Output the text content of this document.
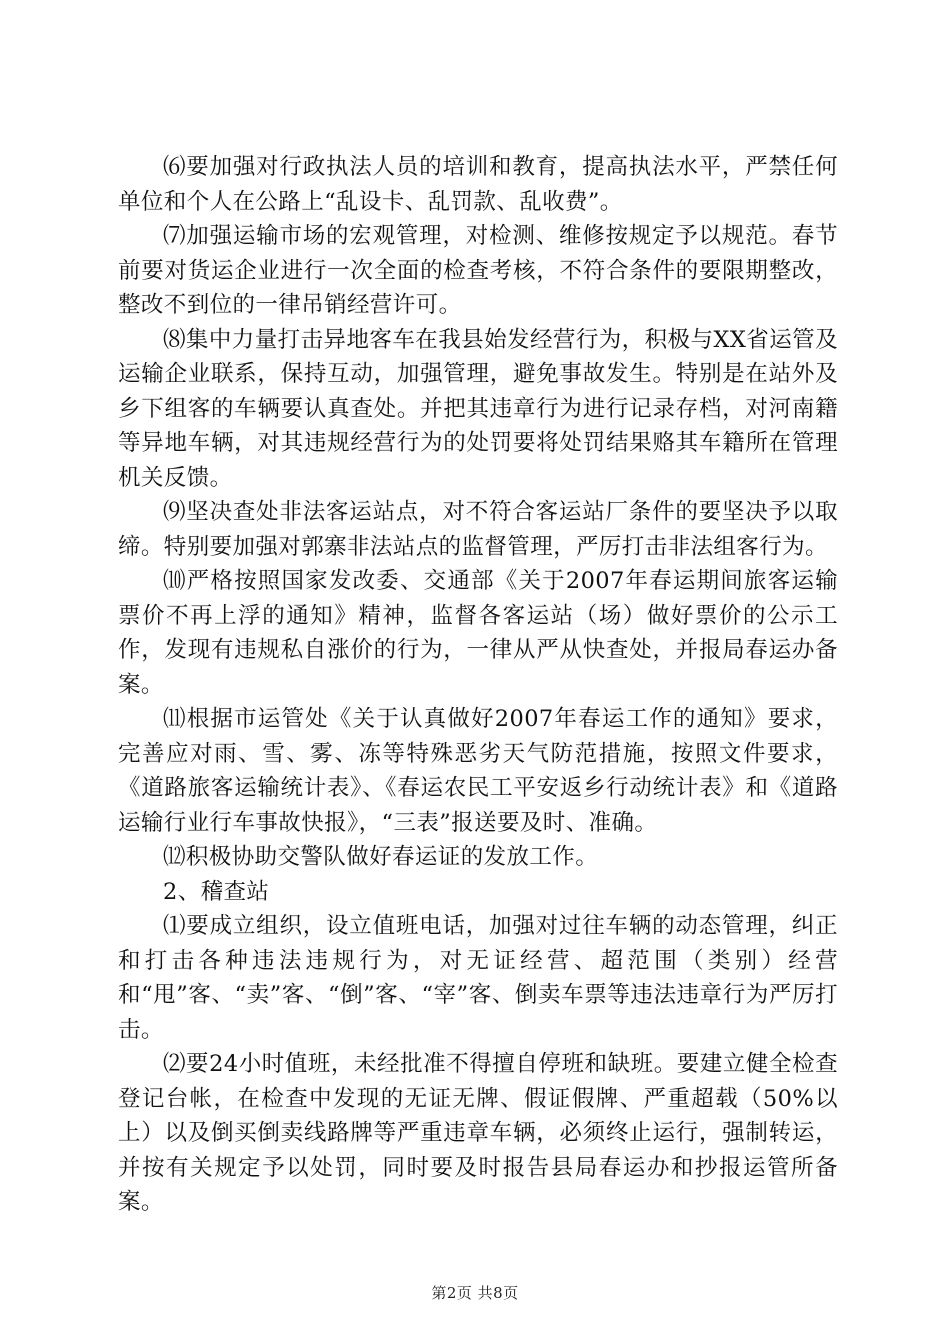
⑹要加强对行政执法人员的培训和教育，提高执法水平，严禁任何单位和个人在公路上“乱设卡、乱罚款、乱收费”。

⑺加强运输市场的宏观管理，对检测、维修按规定予以规范。春节前要对货运企业进行一次全面的检查考核，不符合条件的要限期整改，整改不到位的一律吊销经营许可。

⑻集中力量打击异地客车在我县始发经营行为，积极与XX省运管及运输企业联系，保持互动，加强管理，避免事故发生。特别是在站外及乡下组客的车辆要认真查处。并把其违章行为进行记录存档，对河南籍等异地车辆，对其违规经营行为的处罚要将处罚结果赂其车籍所在管理机关反馈。

⑼坚决查处非法客运站点，对不符合客运站厂条件的要坚决予以取缔。特别要加强对郭寨非法站点的监督管理，严厉打击非法组客行为。

⑽严格按照国家发改委、交通部《关于2007年春运期间旅客运输票价不再上浮的通知》精神，监督各客运站（场）做好票价的公示工作，发现有违规私自涨价的行为，一律从严从快查处，并报局春运办备案。

⑾根据市运管处《关于认真做好2007年春运工作的通知》要求，完善应对雨、雪、雾、冻等特殊恶劣天气防范措施，按照文件要求，《道路旅客运输统计表》、《春运农民工平安返乡行动统计表》和《道路运输行业行车事故快报》，“三表”报送要及时、准确。

⑿积极协助交警队做好春运证的发放工作。

2、稽查站

⑴要成立组织，设立值班电话，加强对过往车辆的动态管理，纠正和打击各种违法违规行为，对无证经营、超范围（类别）经营和“甩”客、“卖”客、“倒”客、“宰”客、倒卖车票等违法违章行为严厉打击。

⑵要24小时值班，未经批准不得擅自停班和缺班。要建立健全检查登记台帐，在检查中发现的无证无牌、假证假牌、严重超载（50%以上）以及倒买倒卖线路牌等严重违章车辆，必须终止运行，强制转运，并按有关规定予以处罚，同时要及时报告县局春运办和抄报运管所备案。

第2页 共8页
